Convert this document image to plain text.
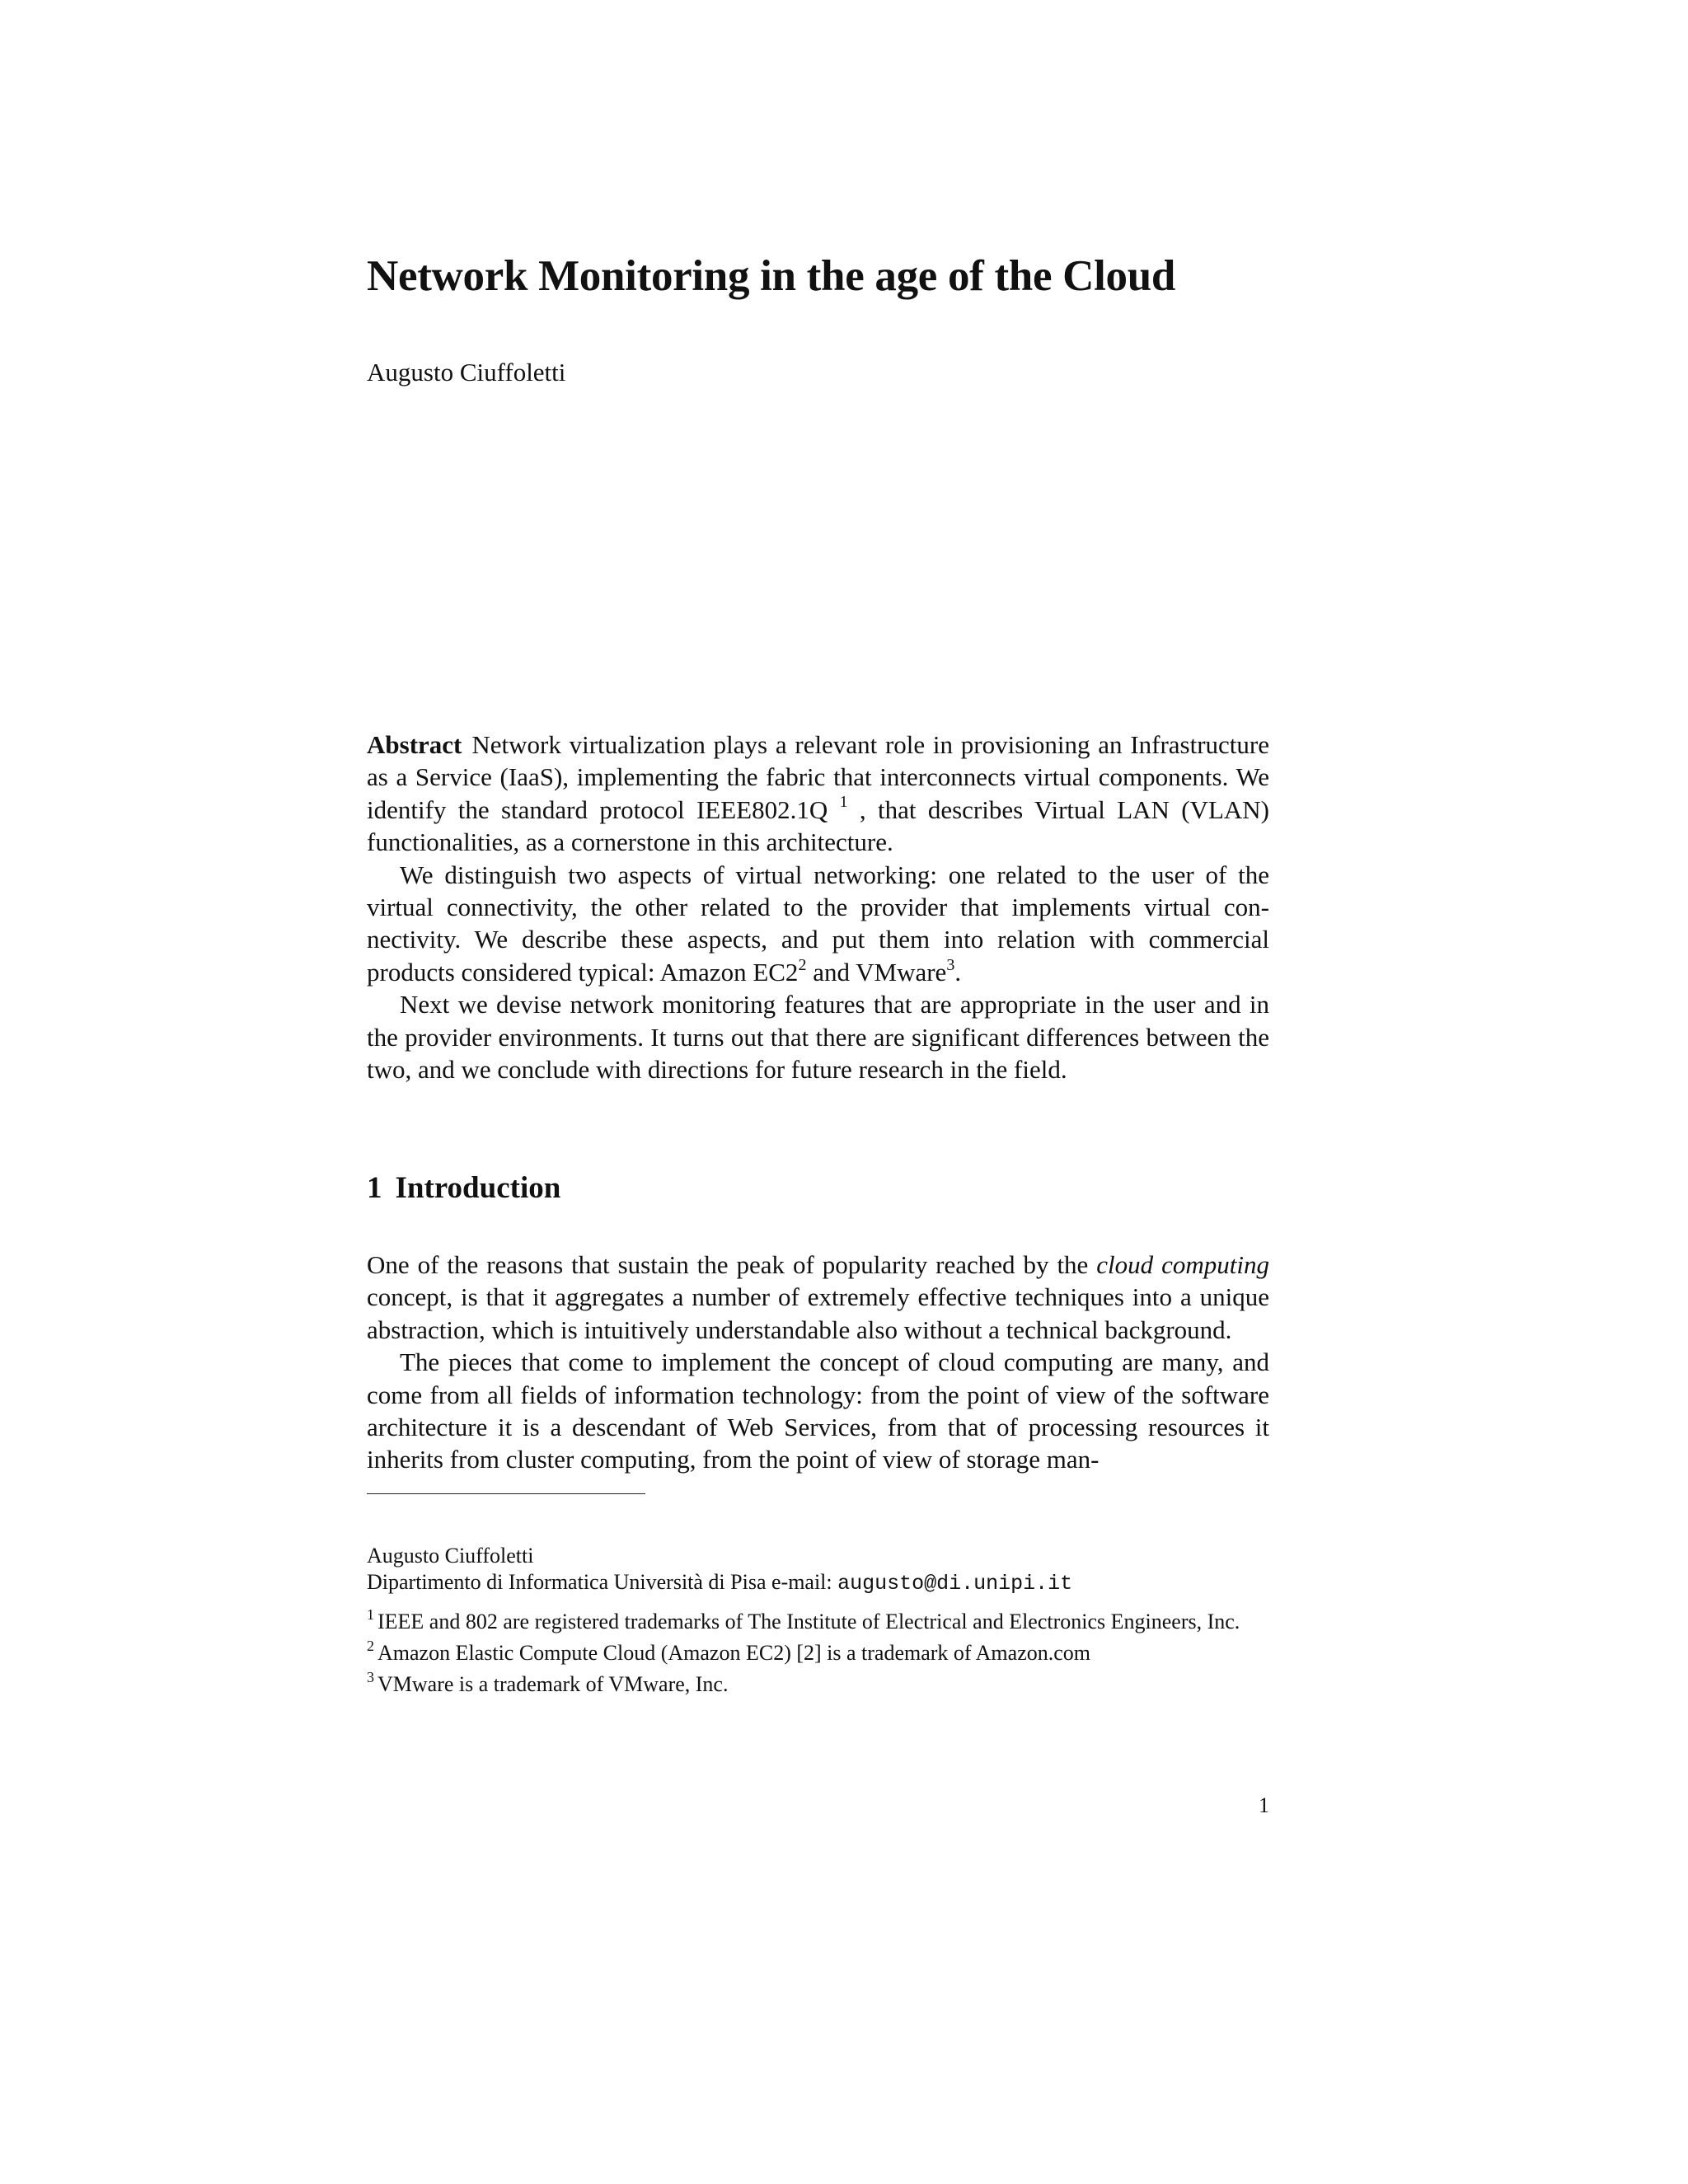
Network Monitoring in the age of the Cloud
Augusto Ciuffoletti

Abstract Network virtualization plays a relevant role in provisioning an Infrastructure as a Service (IaaS), implementing the fabric that interconnects virtual components. We identify the standard protocol IEEE802.1Q $^1$ , that describes Virtual LAN (VLAN) functionalities, as a cornerstone in this architecture.

We distinguish two aspects of virtual networking: one related to the user of the virtual connectivity, the other related to the provider that implements virtual connectivity. We describe these aspects, and put them into relation with commercial products considered typical: Amazon $EC2^2$ and VMware$^3$.

Next we devise network monitoring features that are appropriate in the user and in the provider environments. It turns out that there are significant differences between the two, and we conclude with directions for future research in the field.

1 Introduction

One of the reasons that sustain the peak of popularity reached by the cloud computing concept, is that it aggregates a number of extremely effective techniques into a unique abstraction, which is intuitively understandable also without a technical background.

The pieces that come to implement the concept of cloud computing are many, and come from all fields of information technology: from the point of view of the software architecture it is a descendant of Web Services, from that of processing resources it inherits from cluster computing, from the point of view of storage man-

Augusto Ciuffoletti

Dipartimento di Informatica Università di Pisa e-mail: augusto@di.unipi.it

$^1$ IEEE and 802 are registered trademarks of The Institute of Electrical and Electronics Engineers, Inc.

$^2$ Amazon Elastic Compute Cloud (Amazon EC2) [2] is a trademark of Amazon.com

$^3$ VMware is a trademark of VMware, Inc.

1
